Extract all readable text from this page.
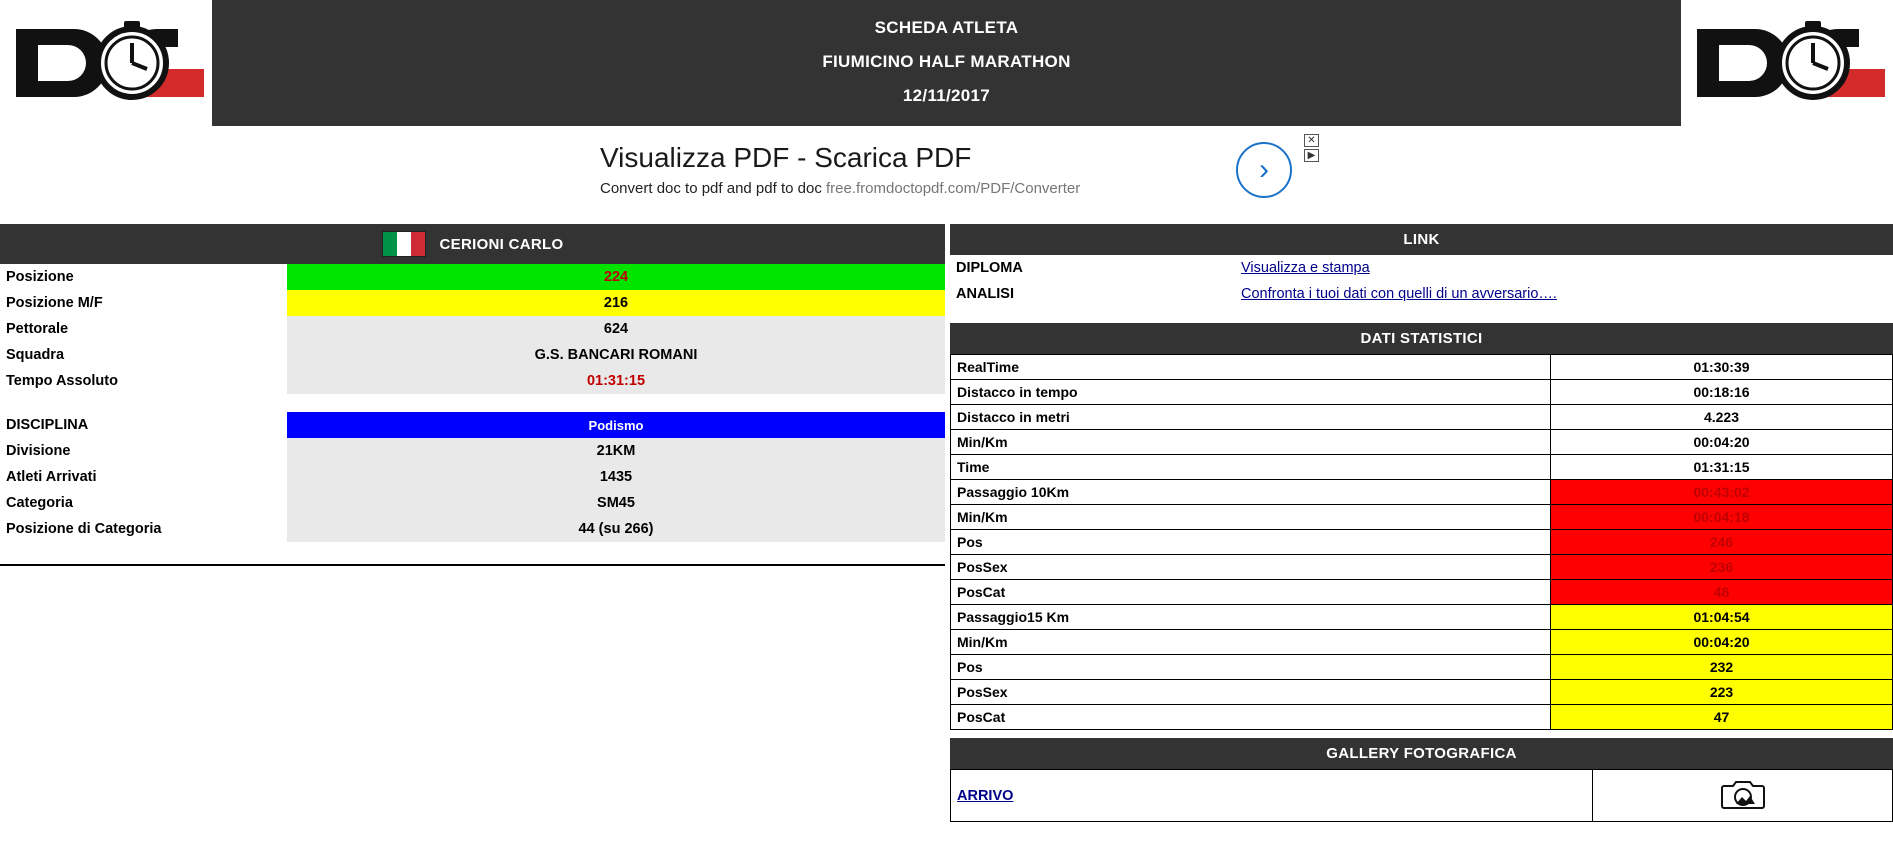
SCHEDA ATLETA
FIUMICINO HALF MARATHON
12/11/2017
Visualizza PDF - Scarica PDF
Convert doc to pdf and pdf to doc free.fromdoctopdf.com/PDF/Converter
›
✕
▶
CERIONI CARLO
Posizione	224
Posizione M/F	216
Pettorale	624
Squadra	G.S. BANCARI ROMANI
Tempo Assoluto	01:31:15

DISCIPLINA	Podismo
Divisione	21KM
Atleti Arrivati	1435
Categoria	SM45
Posizione di Categoria	44 (su 266)
LINK
DIPLOMA	Visualizza e stampa
ANALISI	Confronta i tuoi dati con quelli di un avversario….
DATI STATISTICI
RealTime	01:30:39
Distacco in tempo	00:18:16
Distacco in metri	4.223
Min/Km	00:04:20
Time	01:31:15
Passaggio 10Km	00:43:02
Min/Km	00:04:18
Pos	246
PosSex	236
PosCat	48
Passaggio15 Km	01:04:54
Min/Km	00:04:20
Pos	232
PosSex	223
PosCat	47
GALLERY FOTOGRAFICA
ARRIVO	
